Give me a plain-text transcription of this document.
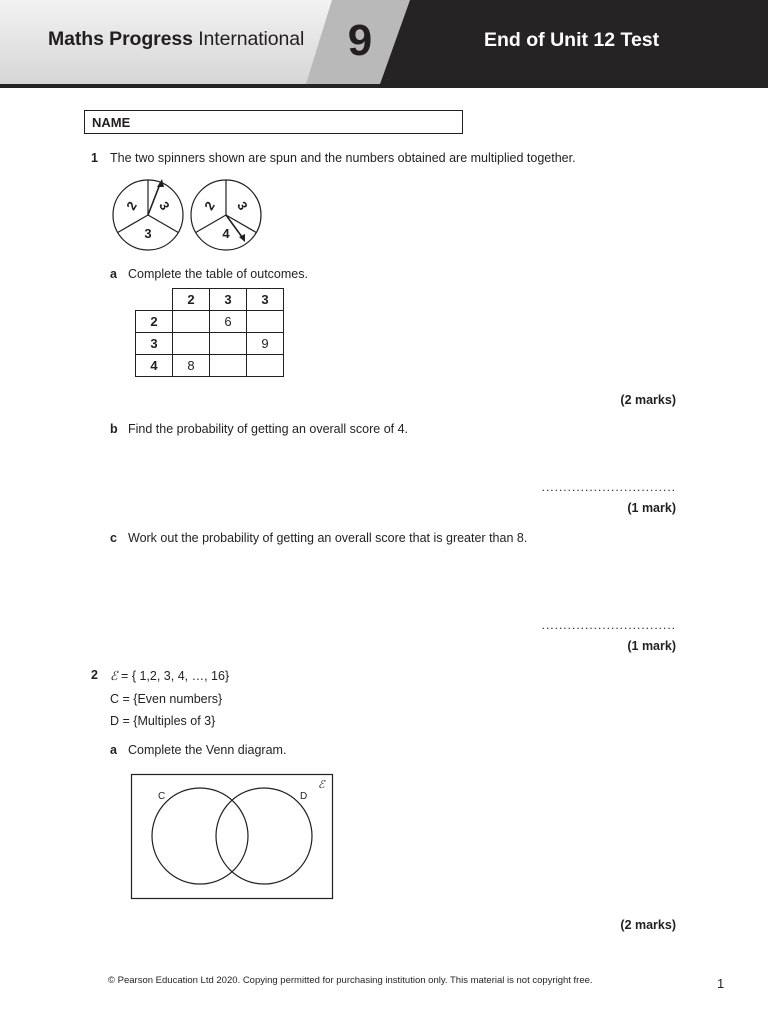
Maths Progress International 9	End of Unit 12 Test
NAME
1 The two spinners shown are spun and the numbers obtained are multiplied together.
2 3
3
2 3
4
a Complete the table of outcomes.
	2	3	3
2		6	
3			9
4	8		
(2 marks)
b Find the probability of getting an overall score of 4.
...............................
(1 mark)
c Work out the probability of getting an overall score that is greater than 8.
...............................
(1 mark)
2 ℰ = { 1,2, 3, 4, …, 16}
C = {Even numbers}
D = {Multiples of 3}
a Complete the Venn diagram.
C	D
ℰ
(2 marks)
© Pearson Education Ltd 2020. Copying permitted for purchasing institution only. This material is not copyright free.	1
